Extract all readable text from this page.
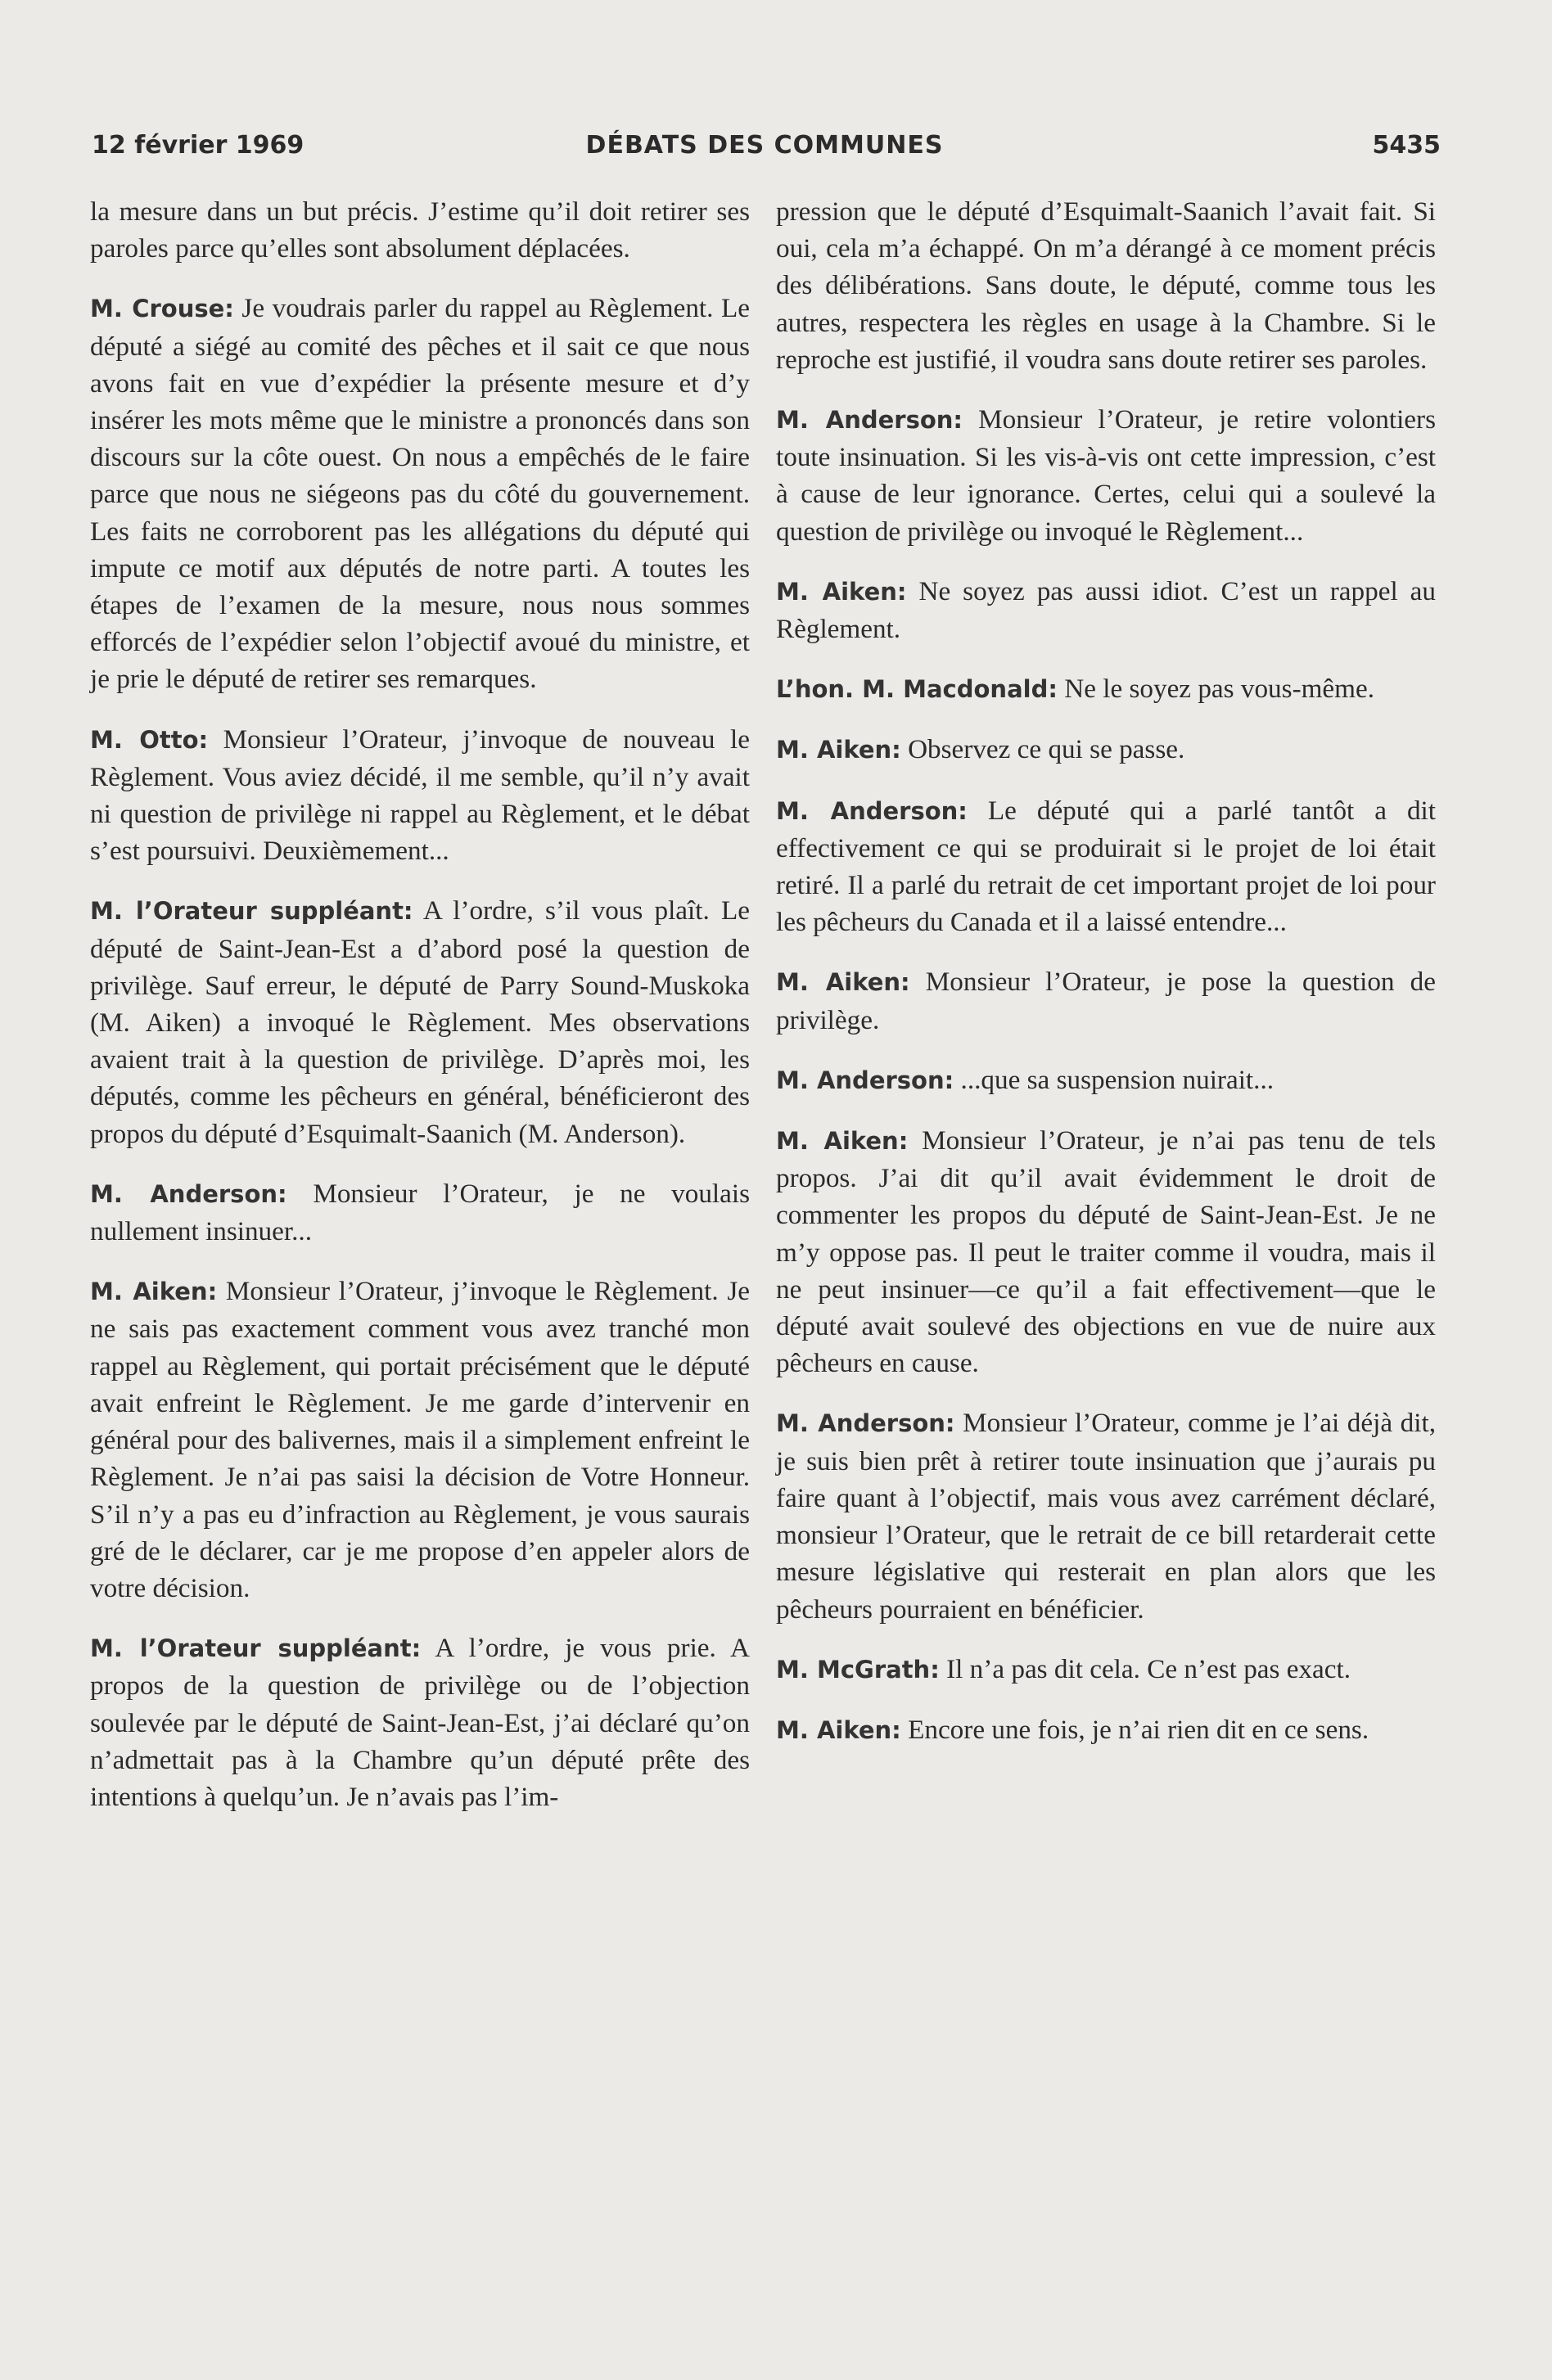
12 février 1969	DÉBATS DES COMMUNES	5435

la mesure dans un but précis. J’estime qu’il doit retirer ses paroles parce qu’elles sont absolument déplacées.

M. Crouse: Je voudrais parler du rappel au Règlement. Le député a siégé au comité des pêches et il sait ce que nous avons fait en vue d’expédier la présente mesure et d’y insérer les mots même que le ministre a prononcés dans son discours sur la côte ouest. On nous a empêchés de le faire parce que nous ne siégeons pas du côté du gouvernement. Les faits ne corroborent pas les allégations du député qui impute ce motif aux députés de notre parti. A toutes les étapes de l’examen de la mesure, nous nous sommes efforcés de l’expédier selon l’objectif avoué du ministre, et je prie le député de retirer ses remarques.

M. Otto: Monsieur l’Orateur, j’invoque de nouveau le Règlement. Vous aviez décidé, il me semble, qu’il n’y avait ni question de privilège ni rappel au Règlement, et le débat s’est poursuivi. Deuxièmement...

M. l’Orateur suppléant: A l’ordre, s’il vous plaît. Le député de Saint-Jean-Est a d’abord posé la question de privilège. Sauf erreur, le député de Parry Sound-Muskoka (M. Aiken) a invoqué le Règlement. Mes observations avaient trait à la question de privilège. D’après moi, les députés, comme les pêcheurs en général, bénéficieront des propos du député d’Esquimalt-Saanich (M. Anderson).

M. Anderson: Monsieur l’Orateur, je ne voulais nullement insinuer...

M. Aiken: Monsieur l’Orateur, j’invoque le Règlement. Je ne sais pas exactement comment vous avez tranché mon rappel au Règlement, qui portait précisément que le député avait enfreint le Règlement. Je me garde d’intervenir en général pour des balivernes, mais il a simplement enfreint le Règlement. Je n’ai pas saisi la décision de Votre Honneur. S’il n’y a pas eu d’infraction au Règlement, je vous saurais gré de le déclarer, car je me propose d’en appeler alors de votre décision.

M. l’Orateur suppléant: A l’ordre, je vous prie. A propos de la question de privilège ou de l’objection soulevée par le député de Saint-Jean-Est, j’ai déclaré qu’on n’admettait pas à la Chambre qu’un député prête des intentions à quelqu’un. Je n’avais pas l’im-

pression que le député d’Esquimalt-Saanich l’avait fait. Si oui, cela m’a échappé. On m’a dérangé à ce moment précis des délibérations. Sans doute, le député, comme tous les autres, respectera les règles en usage à la Chambre. Si le reproche est justifié, il voudra sans doute retirer ses paroles.

M. Anderson: Monsieur l’Orateur, je retire volontiers toute insinuation. Si les vis-à-vis ont cette impression, c’est à cause de leur ignorance. Certes, celui qui a soulevé la question de privilège ou invoqué le Règlement...

M. Aiken: Ne soyez pas aussi idiot. C’est un rappel au Règlement.

L’hon. M. Macdonald: Ne le soyez pas vous-même.

M. Aiken: Observez ce qui se passe.

M. Anderson: Le député qui a parlé tantôt a dit effectivement ce qui se produirait si le projet de loi était retiré. Il a parlé du retrait de cet important projet de loi pour les pêcheurs du Canada et il a laissé entendre...

M. Aiken: Monsieur l’Orateur, je pose la question de privilège.

M. Anderson: ...que sa suspension nuirait...

M. Aiken: Monsieur l’Orateur, je n’ai pas tenu de tels propos. J’ai dit qu’il avait évidemment le droit de commenter les propos du député de Saint-Jean-Est. Je ne m’y oppose pas. Il peut le traiter comme il voudra, mais il ne peut insinuer—ce qu’il a fait effectivement—que le député avait soulevé des objections en vue de nuire aux pêcheurs en cause.

M. Anderson: Monsieur l’Orateur, comme je l’ai déjà dit, je suis bien prêt à retirer toute insinuation que j’aurais pu faire quant à l’objectif, mais vous avez carrément déclaré, monsieur l’Orateur, que le retrait de ce bill retarderait cette mesure législative qui resterait en plan alors que les pêcheurs pourraient en bénéficier.

M. McGrath: Il n’a pas dit cela. Ce n’est pas exact.

M. Aiken: Encore une fois, je n’ai rien dit en ce sens.
